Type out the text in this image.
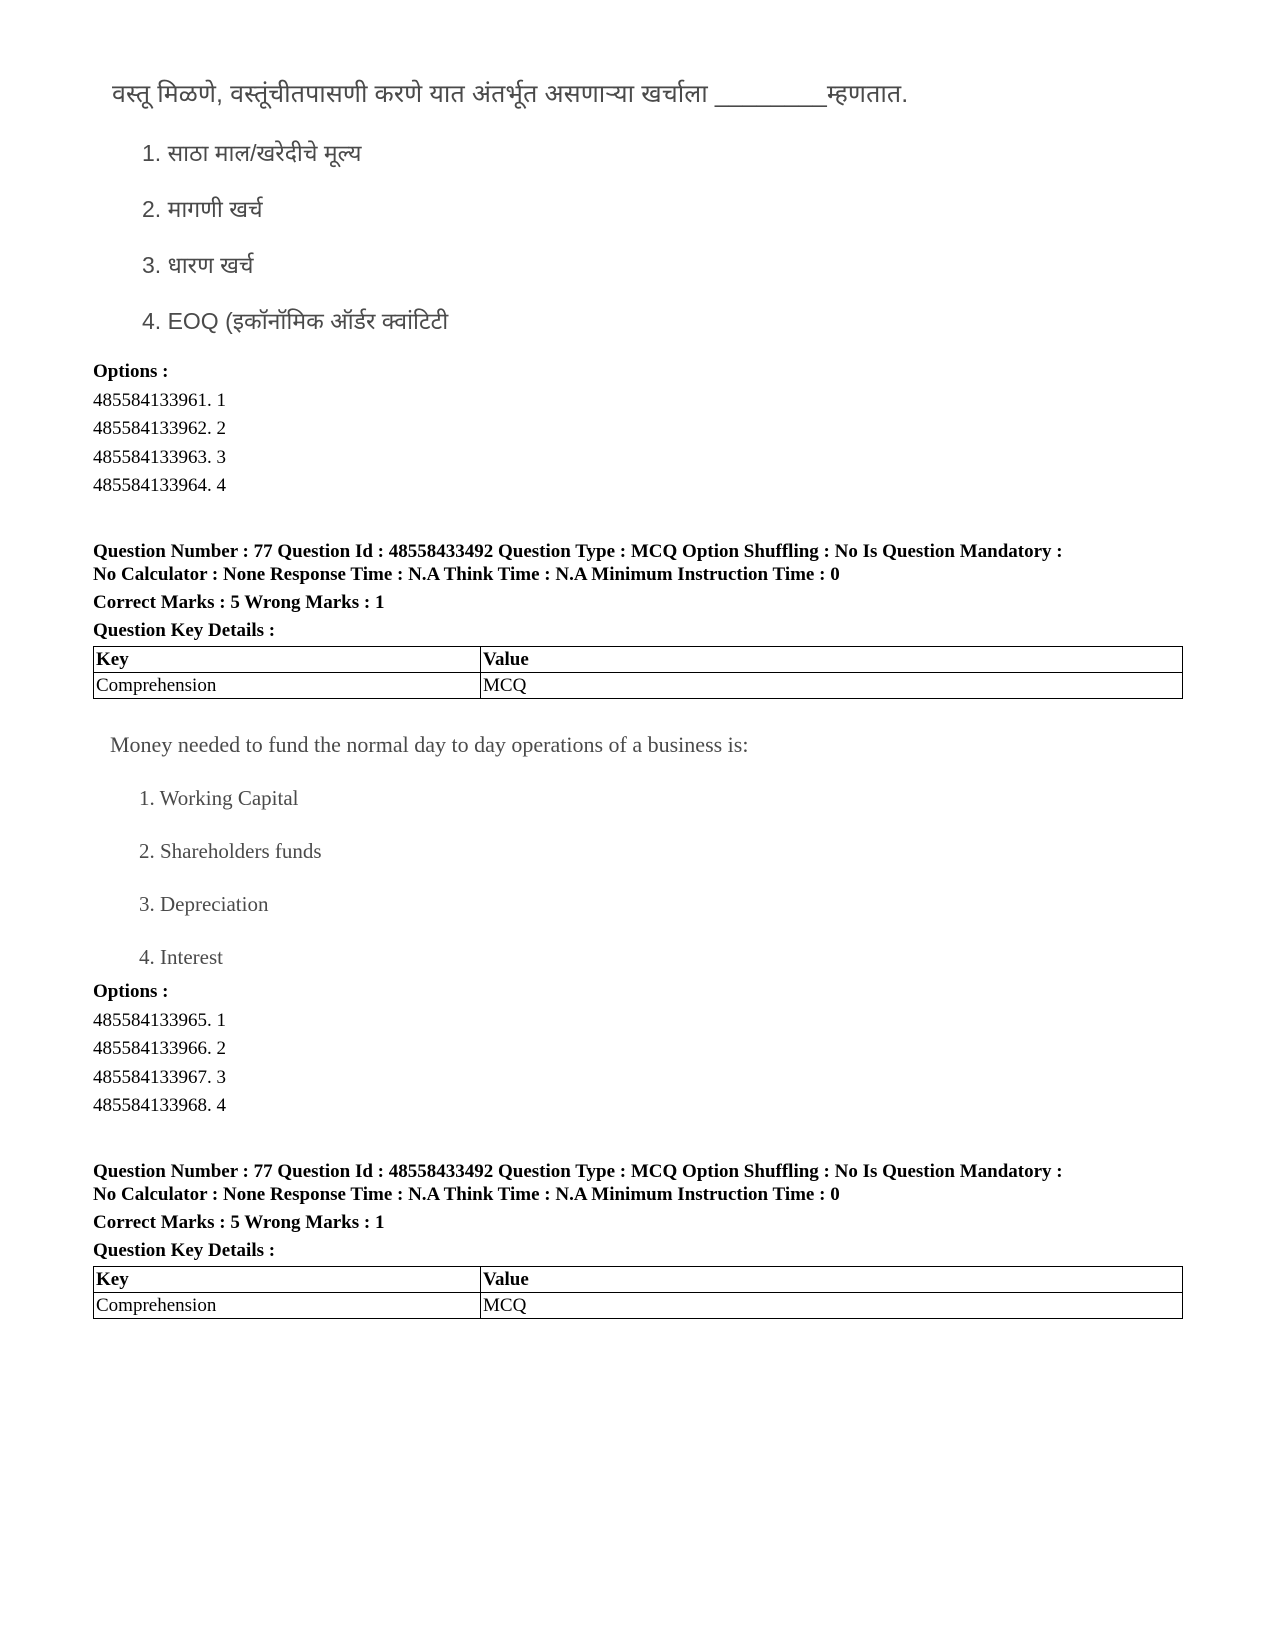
वस्तू मिळणे, वस्तूंचीतपासणी करणे यात अंतर्भूत असणाऱ्या खर्चाला ________म्हणतात.
1. साठा माल/खरेदीचे मूल्य
2. मागणी खर्च
3. धारण खर्च
4. EOQ (इकॉनॉमिक ऑर्डर क्वांटिटी
Options :
485584133961. 1
485584133962. 2
485584133963. 3
485584133964. 4
Question Number : 77 Question Id : 48558433492 Question Type : MCQ Option Shuffling : No Is Question Mandatory :
No Calculator : None Response Time : N.A Think Time : N.A Minimum Instruction Time : 0
Correct Marks : 5 Wrong Marks : 1
Question Key Details :
Key	Value
Comprehension	MCQ
Money needed to fund the normal day to day operations of a business is:
1. Working Capital
2. Shareholders funds
3. Depreciation
4. Interest
Options :
485584133965. 1
485584133966. 2
485584133967. 3
485584133968. 4
Question Number : 77 Question Id : 48558433492 Question Type : MCQ Option Shuffling : No Is Question Mandatory :
No Calculator : None Response Time : N.A Think Time : N.A Minimum Instruction Time : 0
Correct Marks : 5 Wrong Marks : 1
Question Key Details :
Key	Value
Comprehension	MCQ
